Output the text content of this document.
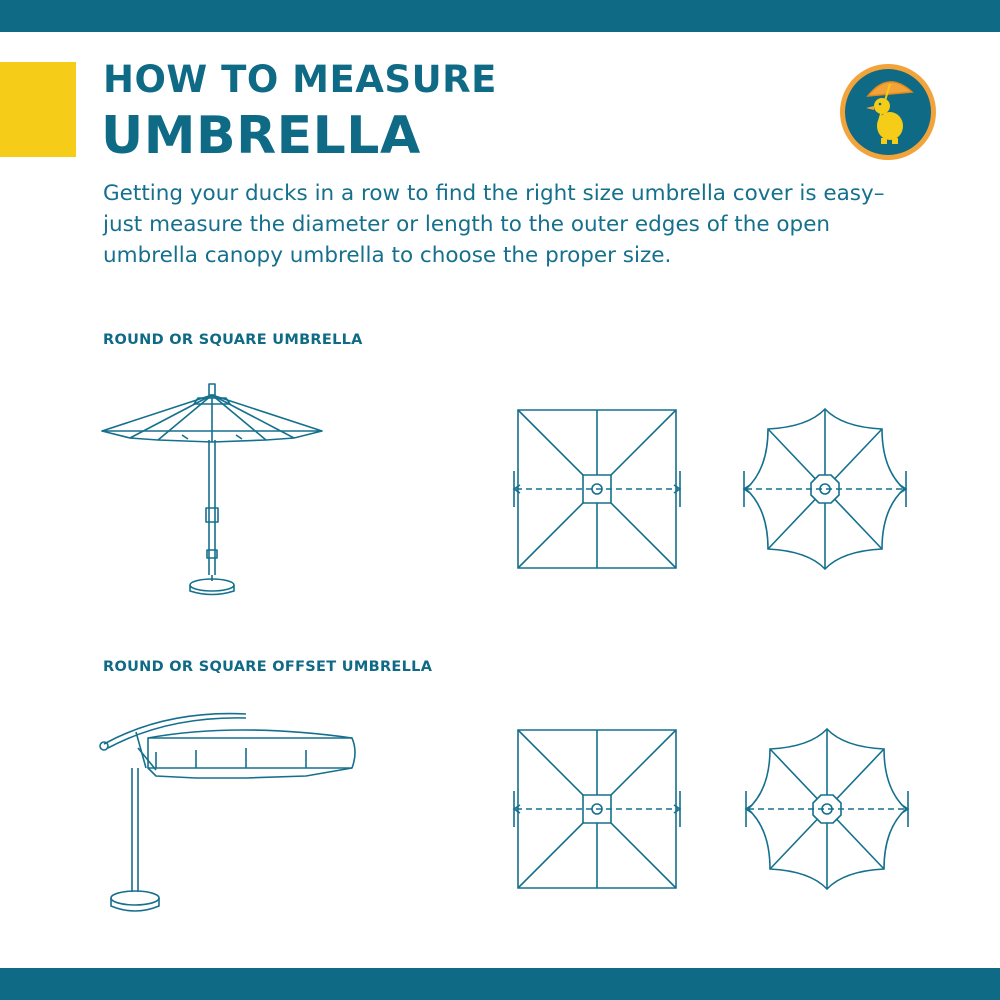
HOW TO MEASURE
UMBRELLA
Getting your ducks in a row to find the right size umbrella cover is easy–just measure the diameter or length to the outer edges of the open umbrella canopy umbrella to choose the proper size.
ROUND OR SQUARE UMBRELLA
ROUND OR SQUARE OFFSET UMBRELLA
